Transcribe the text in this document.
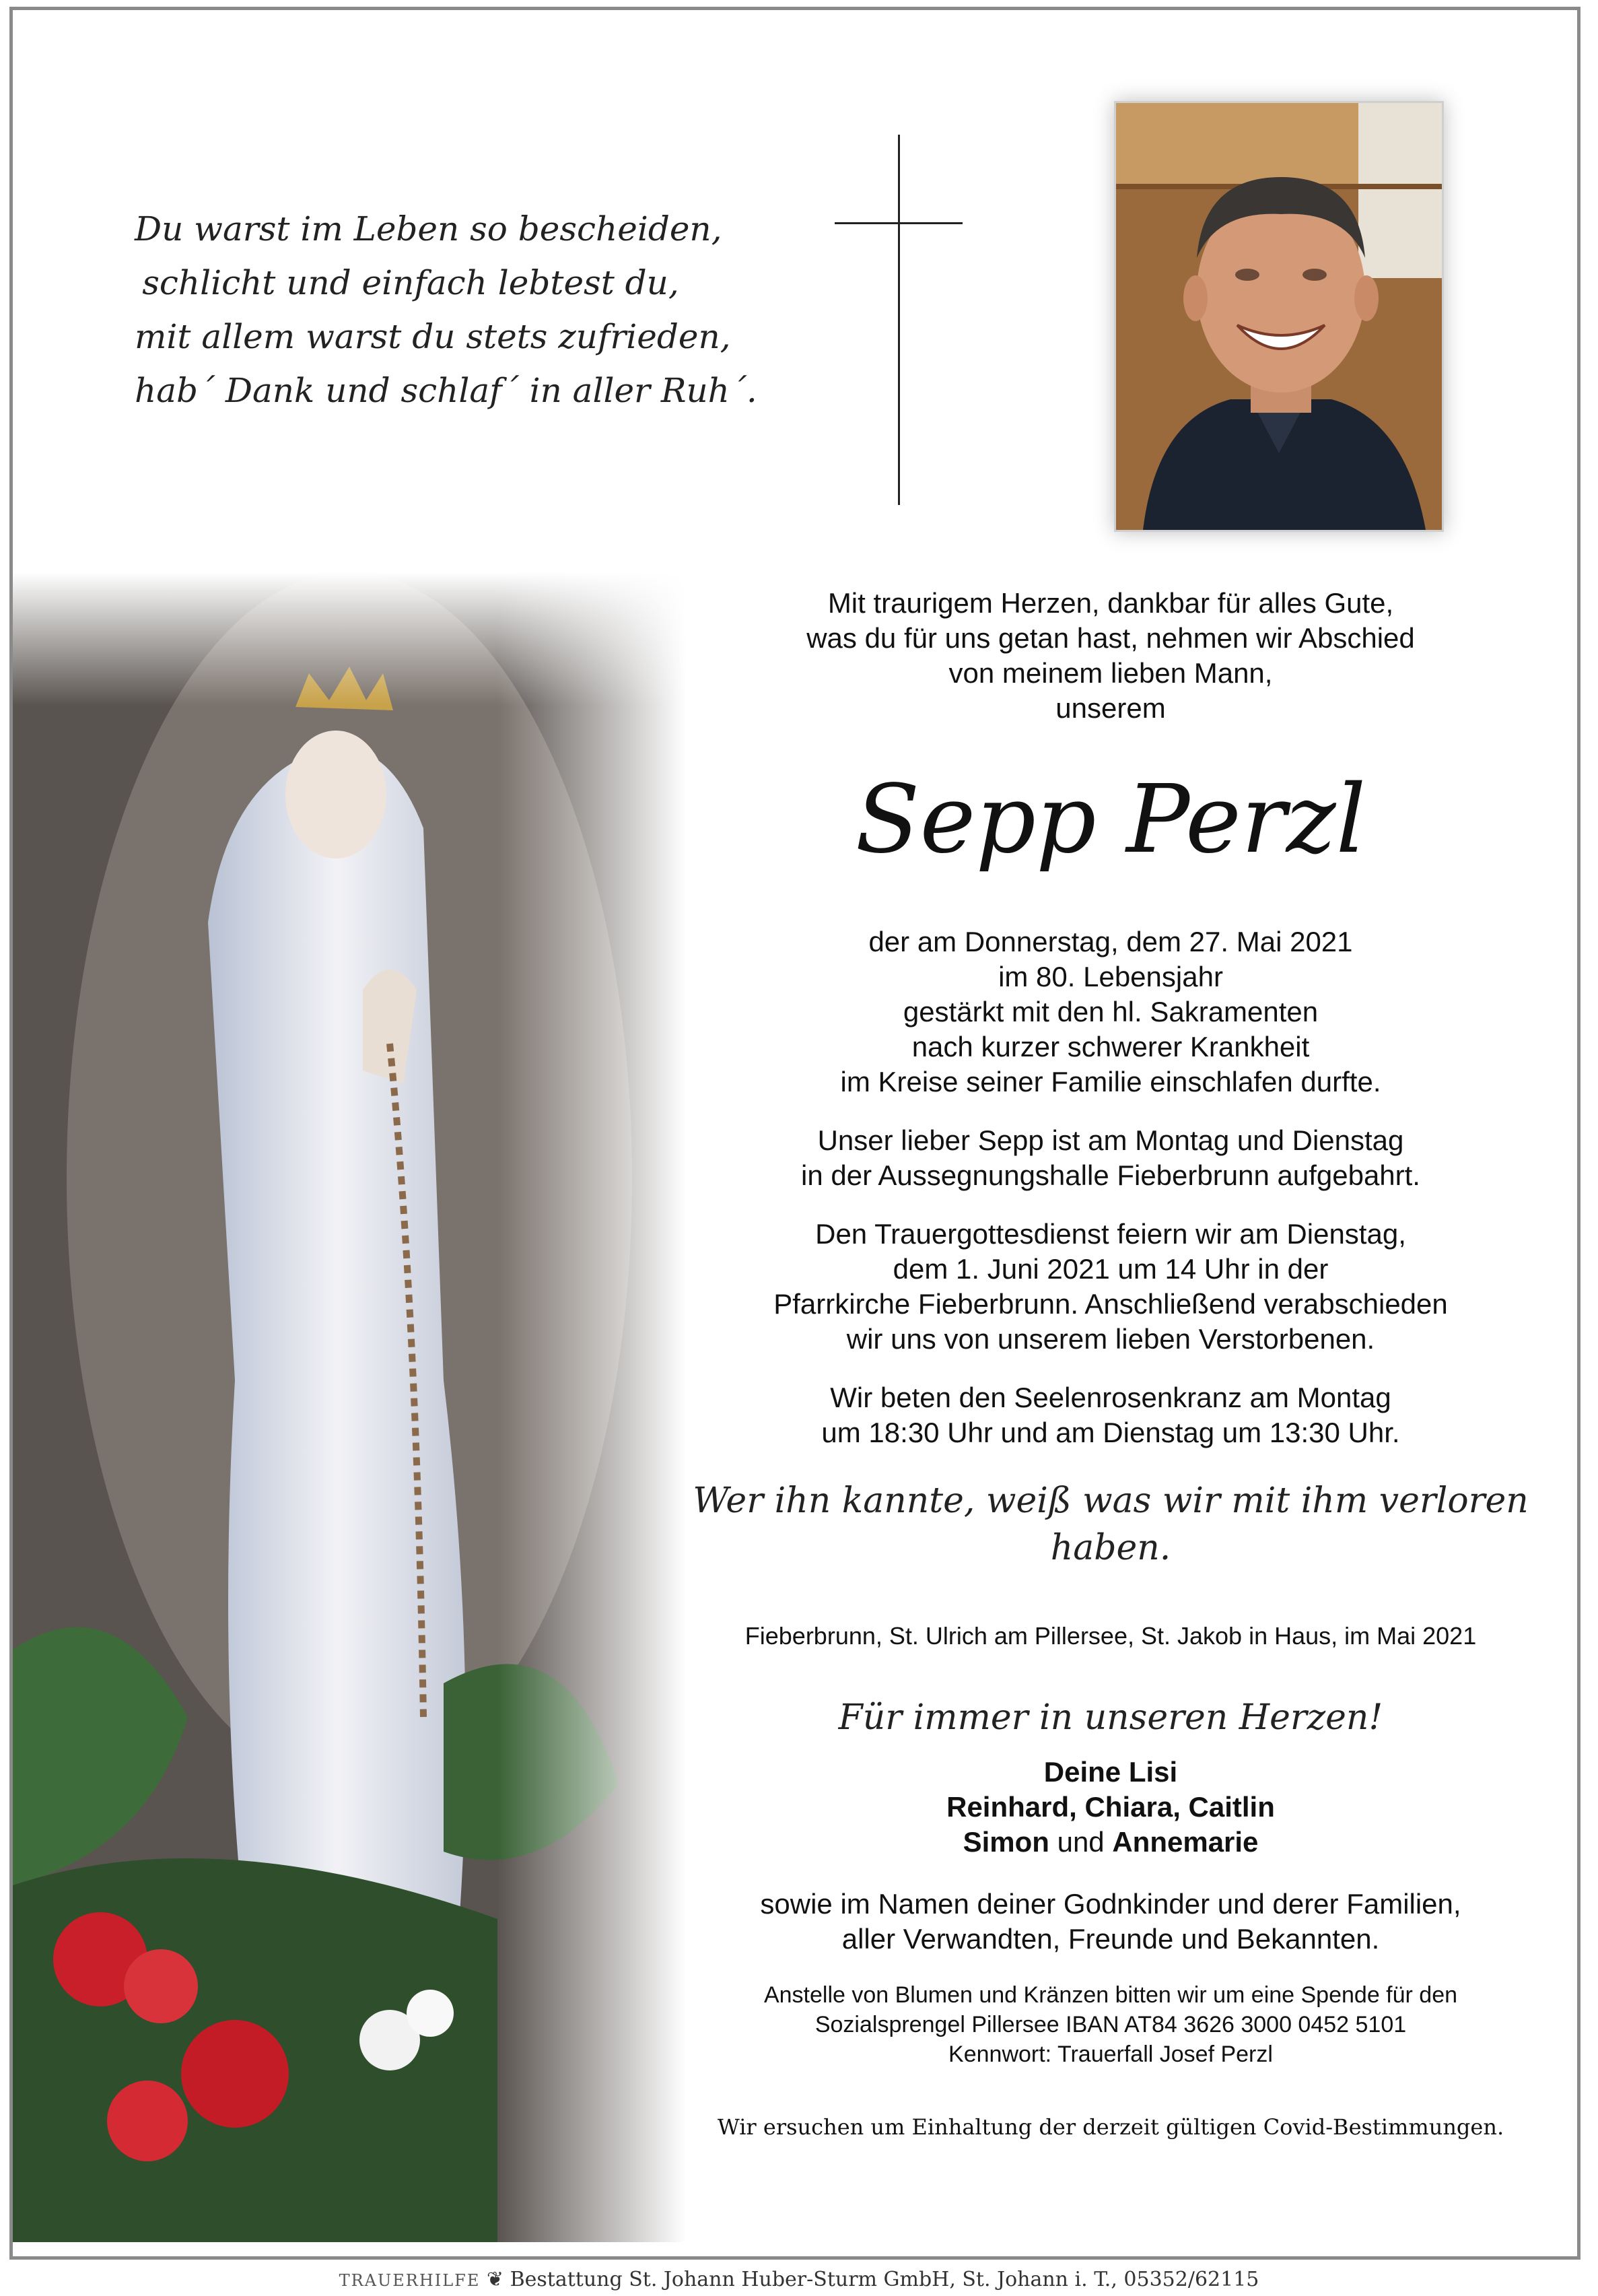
Du warst im Leben so bescheiden,
schlicht und einfach lebtest du,
mit allem warst du stets zufrieden,
hab´ Dank und schlaf´ in aller Ruh´.

Mit traurigem Herzen, dankbar für alles Gute,

was du für uns getan hast, nehmen wir Abschied

von meinem lieben Mann,

unserem

Sepp Perzl

der am Donnerstag, dem 27. Mai 2021

im 80. Lebensjahr

gestärkt mit den hl. Sakramenten

nach kurzer schwerer Krankheit

im Kreise seiner Familie einschlafen durfte.

Unser lieber Sepp ist am Montag und Dienstag

in der Aussegnungshalle Fieberbrunn aufgebahrt.

Den Trauergottesdienst feiern wir am Dienstag,

dem 1. Juni 2021 um 14 Uhr in der

Pfarrkirche Fieberbrunn. Anschließend verabschieden

wir uns von unserem lieben Verstorbenen.

Wir beten den Seelenrosenkranz am Montag

um 18:30 Uhr und am Dienstag um 13:30 Uhr.

Wer ihn kannte, weiß was wir mit ihm verloren haben.
Fieberbrunn, St. Ulrich am Pillersee, St. Jakob in Haus, im Mai 2021
Für immer in unseren Herzen!

Deine Lisi

Reinhard, Chiara, Caitlin

Simon und Annemarie

sowie im Namen deiner Godnkinder und derer Familien,

aller Verwandten, Freunde und Bekannten.

Anstelle von Blumen und Kränzen bitten wir um eine Spende für den

Sozialsprengel Pillersee IBAN AT84 3626 3000 0452 5101

Kennwort: Trauerfall Josef Perzl

Wir ersuchen um Einhaltung der derzeit gültigen Covid-Bestimmungen.
TRAUERHILFE ❦ Bestattung St. Johann Huber-Sturm GmbH, St. Johann i. T., 05352/62115
